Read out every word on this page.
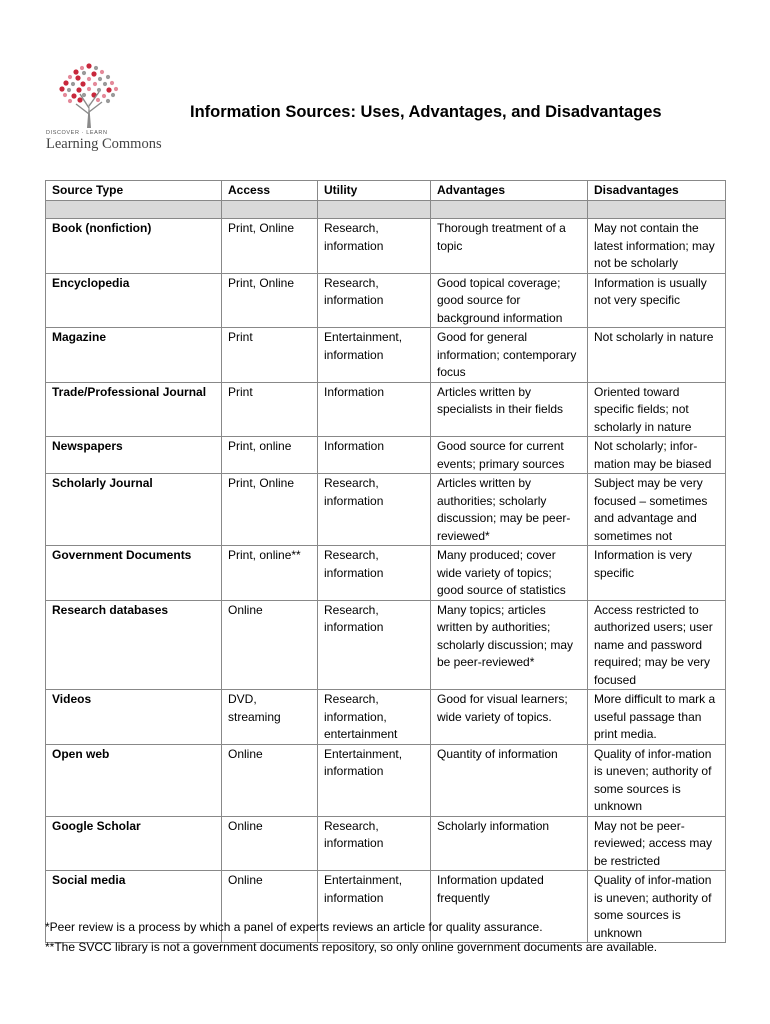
DISCOVER · LEARN
Learning Commons
Information Sources: Uses, Advantages, and Disadvantages
Source Type	Access	Utility	Advantages	Disadvantages

Book (nonfiction)	Print, Online	Research, information	Thorough treatment of a topic	May not contain the latest information; may not be scholarly
Encyclopedia	Print, Online	Research, information	Good topical coverage; good source for background information	Information is usually not very specific
Magazine	Print	Entertainment, information	Good for general information; contemporary focus	Not scholarly in nature
Trade/Professional Journal	Print	Information	Articles written by specialists in their fields	Oriented toward specific fields; not scholarly in nature
Newspapers	Print, online	Information	Good source for current events; primary sources	Not scholarly; infor-mation may be biased
Scholarly Journal	Print, Online	Research, information	Articles written by authorities; scholarly discussion; may be peer-reviewed*	Subject may be very focused – sometimes and advantage and sometimes not
Government Documents	Print, online**	Research, information	Many produced; cover wide variety of topics; good source of statistics	Information is very specific
Research databases	Online	Research, information	Many topics; articles written by authorities; scholarly discussion; may be peer-reviewed*	Access restricted to authorized users; user name and password required; may be very focused
Videos	DVD, streaming	Research, information, entertainment	Good for visual learners; wide variety of topics.	More difficult to mark a useful passage than print media.
Open web	Online	Entertainment, information	Quantity of information	Quality of infor-mation is uneven; authority of some sources is unknown
Google Scholar	Online	Research, information	Scholarly information	May not be peer-reviewed; access may be restricted
Social media	Online	Entertainment, information	Information updated frequently	Quality of infor-mation is uneven; authority of some sources is unknown
*Peer review is a process by which a panel of experts reviews an article for quality assurance.
**The SVCC library is not a government documents repository, so only online government documents are available.
